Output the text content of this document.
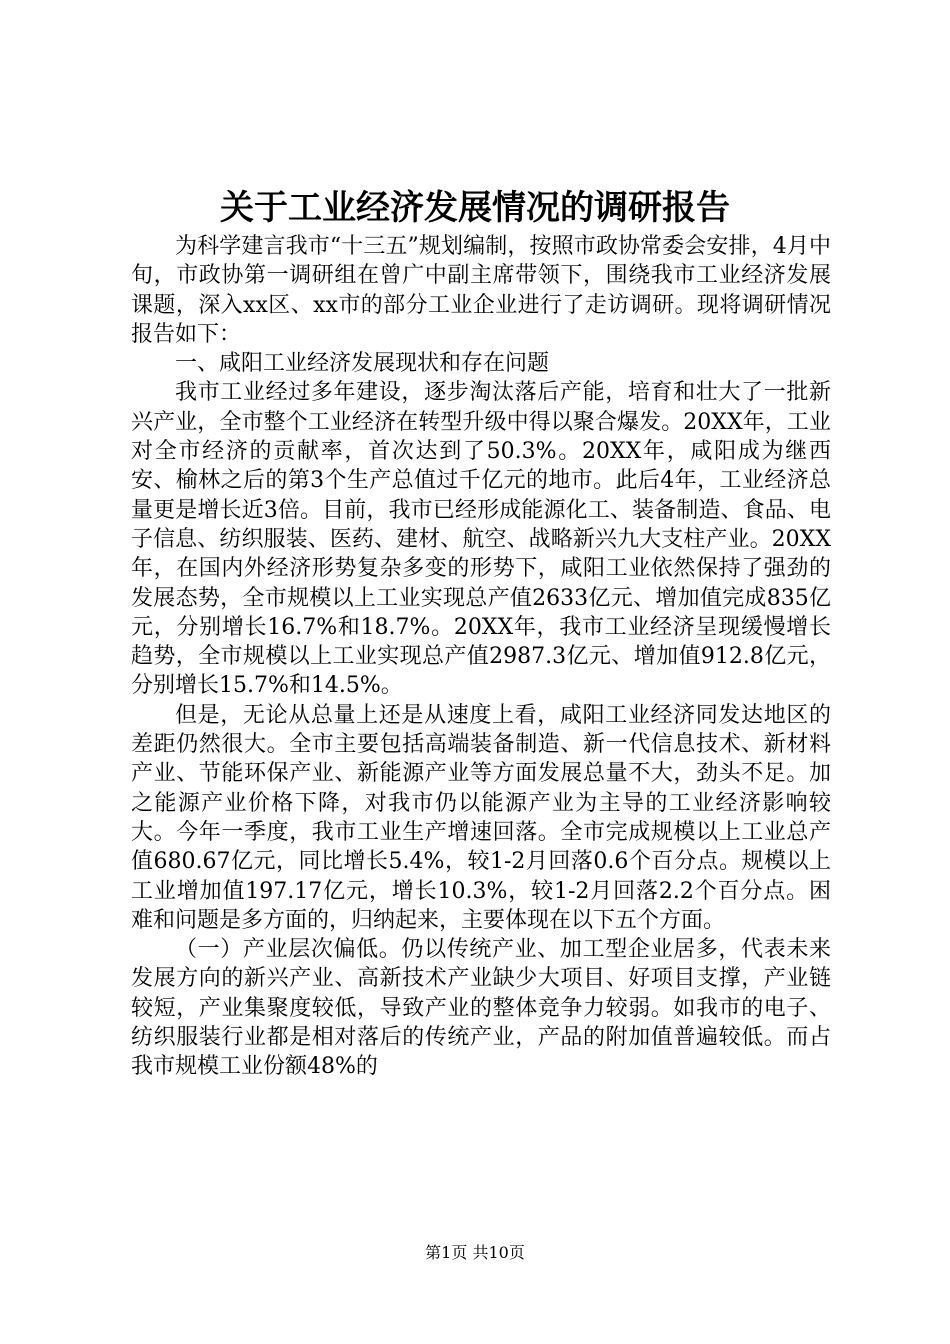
关于工业经济发展情况的调研报告

为科学建言我市“十三五”规划编制，按照市政协常委会安排，4月中旬，市政协第一调研组在曾广中副主席带领下，围绕我市工业经济发展课题，深入xx区、xx市的部分工业企业进行了走访调研。现将调研情况报告如下：

一、咸阳工业经济发展现状和存在问题

我市工业经过多年建设，逐步淘汰落后产能，培育和壮大了一批新兴产业，全市整个工业经济在转型升级中得以聚合爆发。20XX年，工业对全市经济的贡献率，首次达到了50.3%。20XX年，咸阳成为继西安、榆林之后的第3个生产总值过千亿元的地市。此后4年，工业经济总量更是增长近3倍。目前，我市已经形成能源化工、装备制造、食品、电子信息、纺织服装、医药、建材、航空、战略新兴九大支柱产业。20XX年，在国内外经济形势复杂多变的形势下，咸阳工业依然保持了强劲的发展态势，全市规模以上工业实现总产值2633亿元、增加值完成835亿元，分别增长16.7%和18.7%。20XX年，我市工业经济呈现缓慢增长趋势，全市规模以上工业实现总产值2987.3亿元、增加值912.8亿元，分别增长15.7%和14.5%。

但是，无论从总量上还是从速度上看，咸阳工业经济同发达地区的差距仍然很大。全市主要包括高端装备制造、新一代信息技术、新材料产业、节能环保产业、新能源产业等方面发展总量不大，劲头不足。加之能源产业价格下降，对我市仍以能源产业为主导的工业经济影响较大。今年一季度，我市工业生产增速回落。全市完成规模以上工业总产值680.67亿元，同比增长5.4%，较1-2月回落0.6个百分点。规模以上工业增加值197.17亿元，增长10.3%，较1-2月回落2.2个百分点。困难和问题是多方面的，归纳起来，主要体现在以下五个方面。

（一）产业层次偏低。仍以传统产业、加工型企业居多，代表未来发展方向的新兴产业、高新技术产业缺少大项目、好项目支撑，产业链较短，产业集聚度较低，导致产业的整体竞争力较弱。如我市的电子、纺织服装行业都是相对落后的传统产业，产品的附加值普遍较低。而占我市规模工业份额48%的

第1页 共10页
